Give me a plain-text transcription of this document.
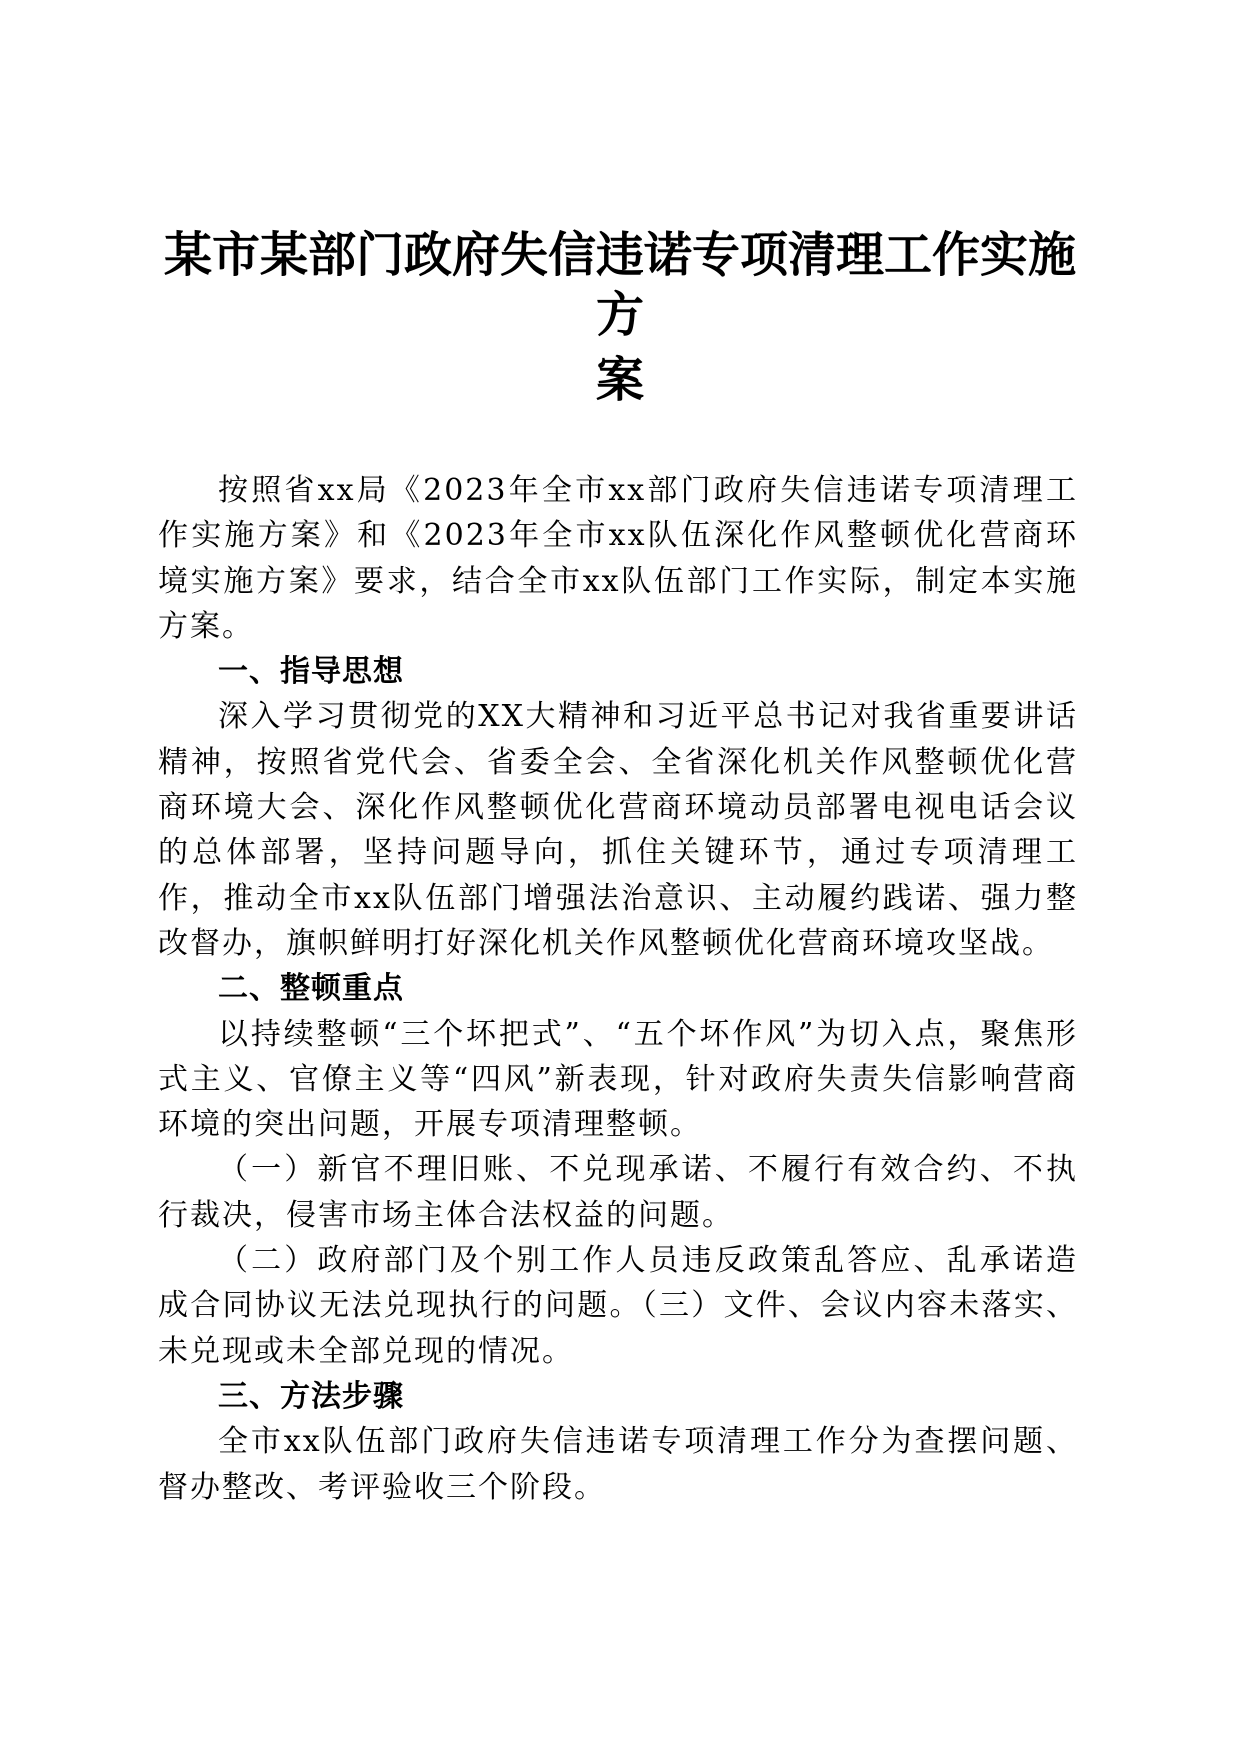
某市某部门政府失信违诺专项清理工作实施方
案

按照省xx局《2023年全市xx部门政府失信违诺专项清理工作实施方案》和《2023年全市xx队伍深化作风整顿优化营商环境实施方案》要求，结合全市xx队伍部门工作实际，制定本实施方案。

一、指导思想

深入学习贯彻党的XX大精神和习近平总书记对我省重要讲话精神，按照省党代会、省委全会、全省深化机关作风整顿优化营商环境大会、深化作风整顿优化营商环境动员部署电视电话会议的总体部署，坚持问题导向，抓住关键环节，通过专项清理工作，推动全市xx队伍部门增强法治意识、主动履约践诺、强力整改督办，旗帜鲜明打好深化机关作风整顿优化营商环境攻坚战。

二、整顿重点

以持续整顿“三个坏把式”、“五个坏作风”为切入点，聚焦形式主义、官僚主义等“四风”新表现，针对政府失责失信影响营商环境的突出问题，开展专项清理整顿。

（一）新官不理旧账、不兑现承诺、不履行有效合约、不执行裁决，侵害市场主体合法权益的问题。

（二）政府部门及个别工作人员违反政策乱答应、乱承诺造成合同协议无法兑现执行的问题。（三）文件、会议内容未落实、未兑现或未全部兑现的情况。

三、方法步骤

全市xx队伍部门政府失信违诺专项清理工作分为查摆问题、督办整改、考评验收三个阶段。
